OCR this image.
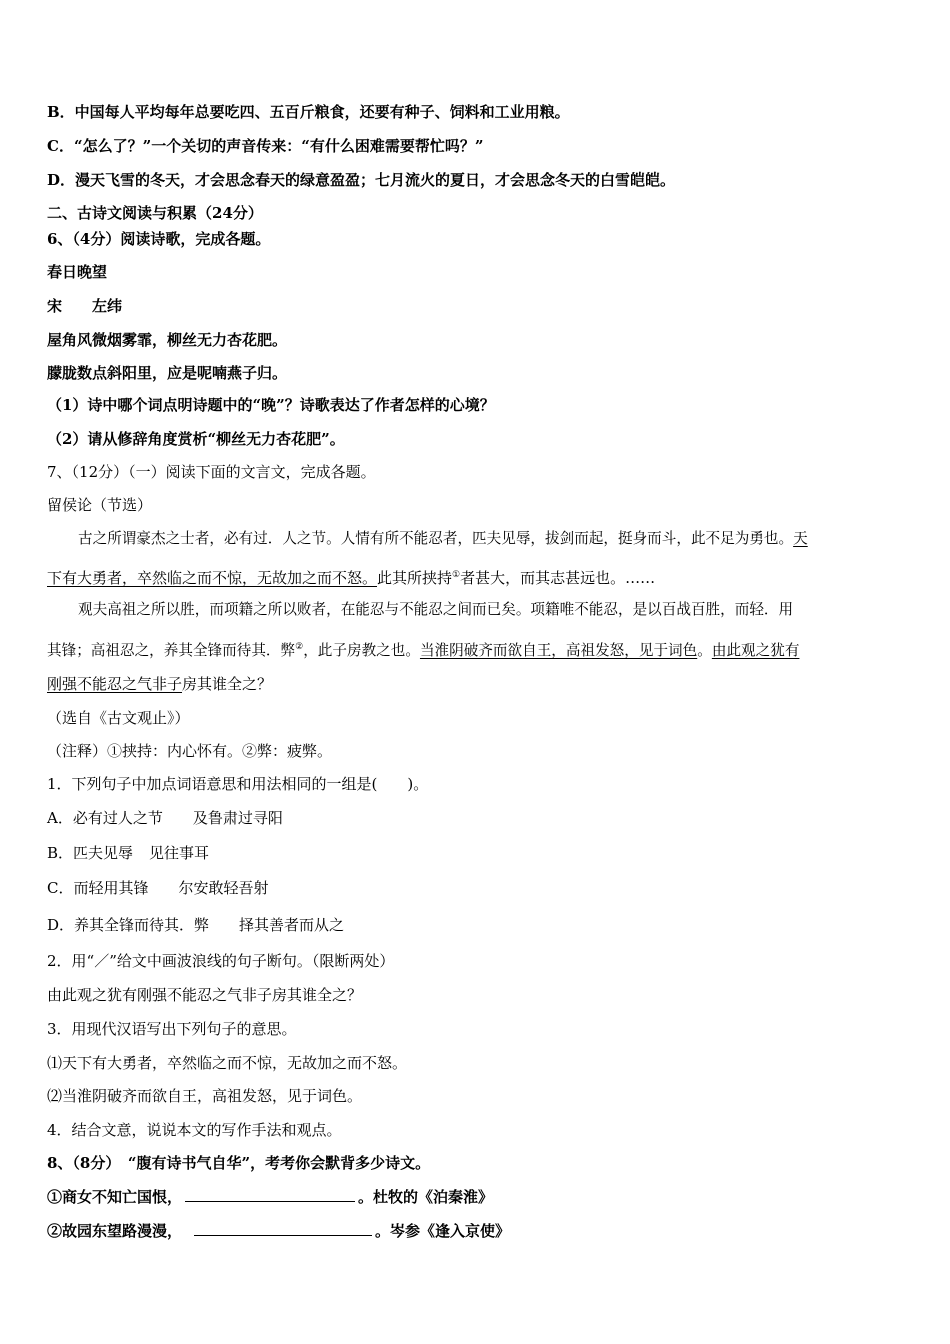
B．中国每人平均每年总要吃四、五百斤粮食，还要有种子、饲料和工业用粮。
C．“怎么了？”一个关切的声音传来：“有什么困难需要帮忙吗？”
D．漫天飞雪的冬天，才会思念春天的绿意盈盈；七月流火的夏日，才会思念冬天的白雪皑皑。
二、古诗文阅读与积累（24分）
6、（4分）阅读诗歌，完成各题。
春日晚望
宋 左纬
屋角风微烟雾霏，柳丝无力杏花肥。
朦胧数点斜阳里，应是呢喃燕子归。
（1）诗中哪个词点明诗题中的“晚”？诗歌表达了作者怎样的心境？
（2）请从修辞角度赏析“柳丝无力杏花肥”。
7、（12分）（一）阅读下面的文言文，完成各题。
留侯论（节选）
古之所谓豪杰之士者，必有过．人之节。人情有所不能忍者，匹夫见辱，拔剑而起，挺身而斗，此不足为勇也。天
下有大勇者，卒然临之而不惊，无故加之而不怒。此其所挟持①者甚大，而其志甚远也。……
观夫高祖之所以胜，而项籍之所以败者，在能忍与不能忍之间而已矣。项籍唯不能忍，是以百战百胜，而轻．用
其锋；高祖忍之，养其全锋而待其．弊②，此子房教之也。当淮阴破齐而欲自王，高祖发怒，见于词色。由此观之犹有
刚强不能忍之气非子房其谁全之？
（选自《古文观止》）
（注释）①挟持：内心怀有。②弊：疲弊。
1．下列句子中加点词语意思和用法相同的一组是(　　)。
A．必有过人之节 及鲁肃过寻阳
B．匹夫见辱 见往事耳
C．而轻用其锋 尔安敢轻吾射
D．养其全锋而待其．弊 择其善者而从之
2．用“／”给文中画波浪线的句子断句。（限断两处）
由此观之犹有刚强不能忍之气非子房其谁全之？
3．用现代汉语写出下列句子的意思。
⑴天下有大勇者，卒然临之而不惊，无故加之而不怒。
⑵当淮阴破齐而欲自王，高祖发怒，见于词色。
4．结合文意，说说本文的写作手法和观点。
8、（8分）　“腹有诗书气自华”，考考你会默背多少诗文。
①商女不知亡国恨，	。杜牧的《泊秦淮》
②故园东望路漫漫，	。岑参《逢入京使》
